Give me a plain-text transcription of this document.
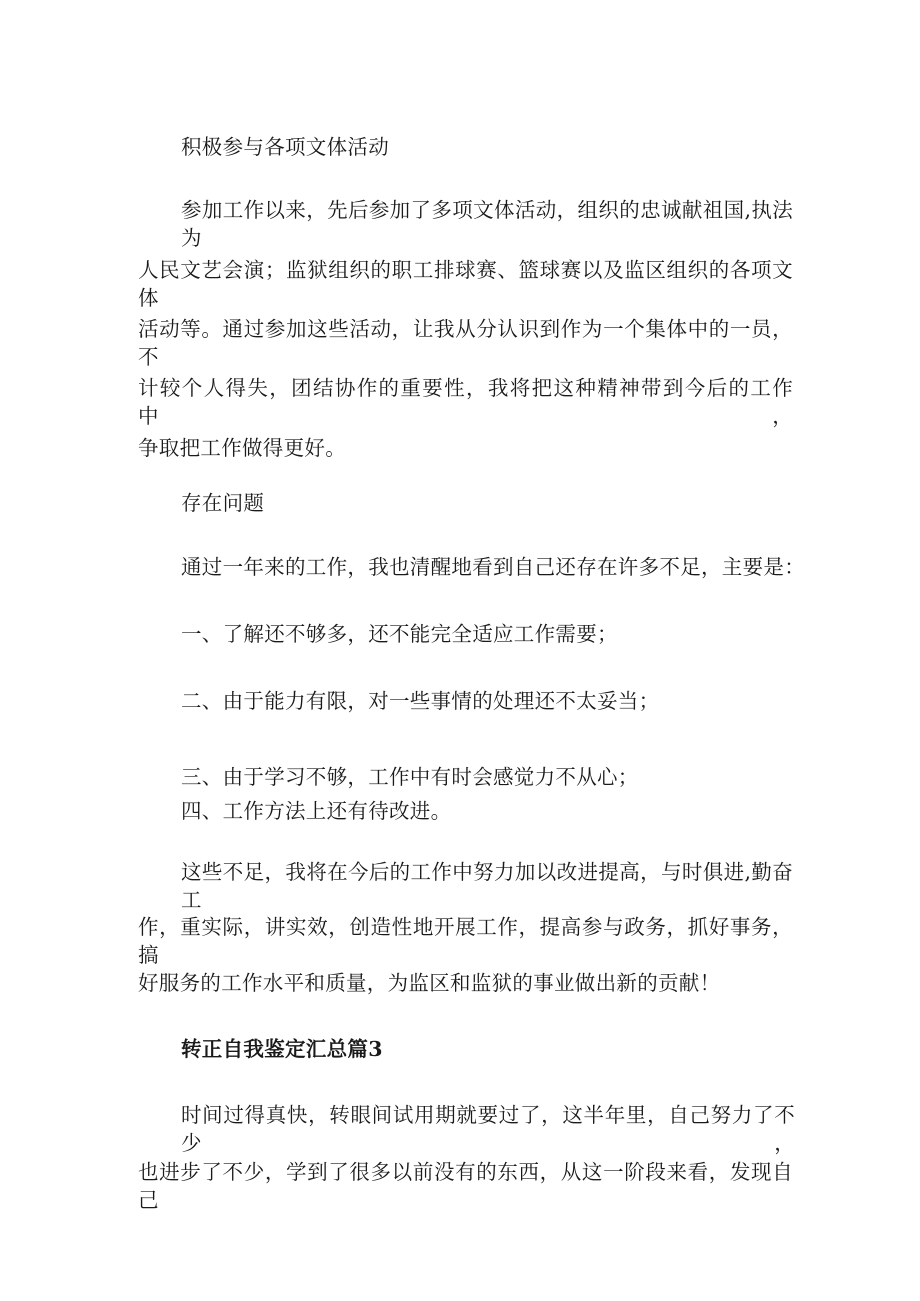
积极参与各项文体活动
参加工作以来，先后参加了多项文体活动，组织的忠诚献祖国,执法为
人民文艺会演；监狱组织的职工排球赛、篮球赛以及监区组织的各项文体
活动等。通过参加这些活动，让我从分认识到作为一个集体中的一员，不
计较个人得失，团结协作的重要性，我将把这种精神带到今后的工作中，
争取把工作做得更好。
存在问题
通过一年来的工作，我也清醒地看到自己还存在许多不足，主要是：
一、了解还不够多，还不能完全适应工作需要；
二、由于能力有限，对一些事情的处理还不太妥当；
三、由于学习不够，工作中有时会感觉力不从心；
四、工作方法上还有待改进。
这些不足，我将在今后的工作中努力加以改进提高，与时俱进,勤奋工
作，重实际，讲实效，创造性地开展工作，提高参与政务，抓好事务，搞
好服务的工作水平和质量，为监区和监狱的事业做出新的贡献！
转正自我鉴定汇总篇3
时间过得真快，转眼间试用期就要过了，这半年里，自己努力了不少，
也进步了不少，学到了很多以前没有的东西，从这一阶段来看，发现自己
